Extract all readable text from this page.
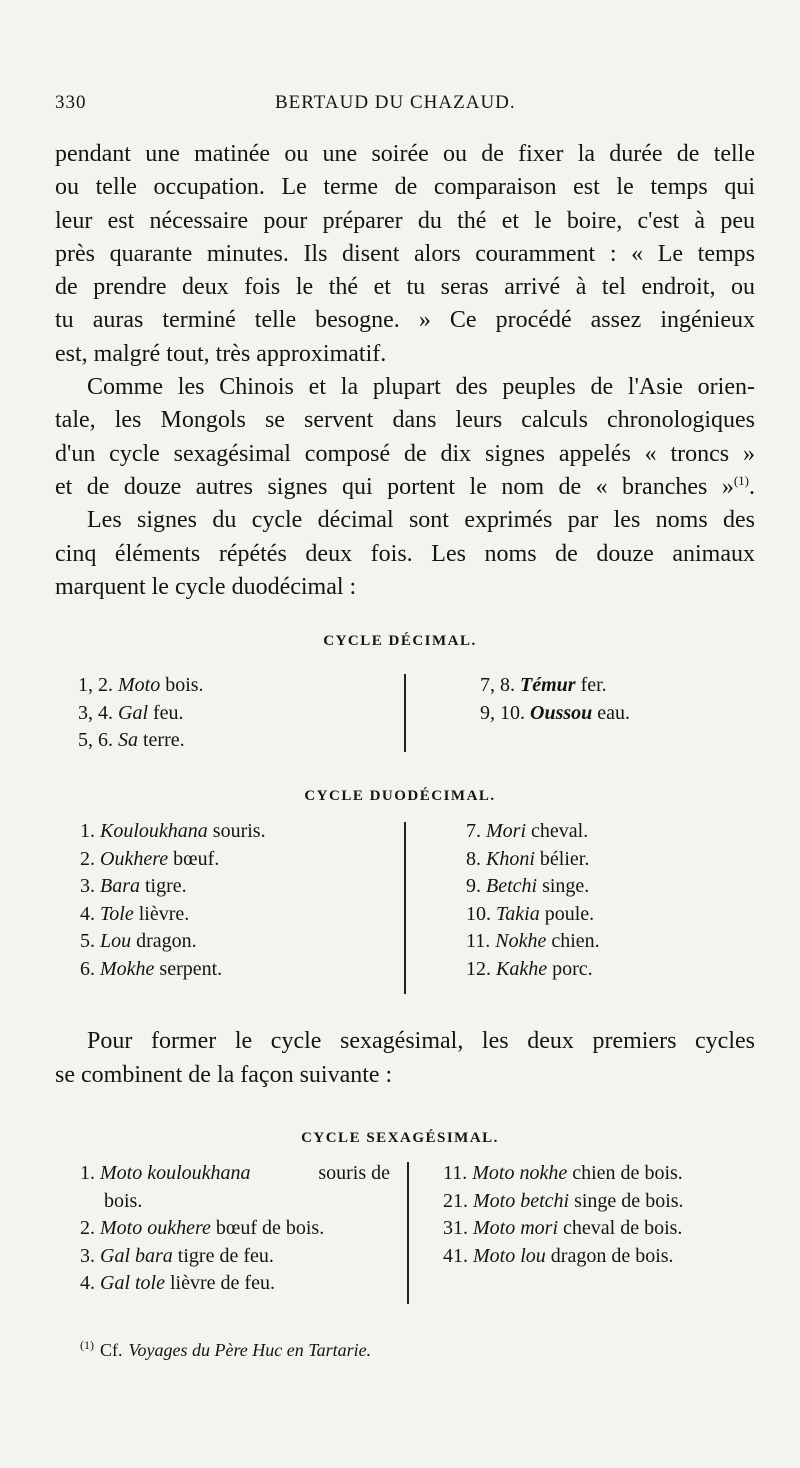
330	BERTAUD DU CHAZAUD.

pendant une matinée ou une soirée ou de fixer la durée de telle
ou telle occupation. Le terme de comparaison est le temps qui
leur est nécessaire pour préparer du thé et le boire, c'est à peu
près quarante minutes. Ils disent alors couramment : « Le temps
de prendre deux fois le thé et tu seras arrivé à tel endroit, ou
tu auras terminé telle besogne. » Ce procédé assez ingénieux
est, malgré tout, très approximatif.

Comme les Chinois et la plupart des peuples de l'Asie orien-
tale, les Mongols se servent dans leurs calculs chronologiques
d'un cycle sexagésimal composé de dix signes appelés « troncs »
et de douze autres signes qui portent le nom de « branches »$^{(1)}$.

Les signes du cycle décimal sont exprimés par les noms des
cinq éléments répétés deux fois. Les noms de douze animaux
marquent le cycle duodécimal :

CYCLE DÉCIMAL.
1, 2. Moto bois.
3, 4. Gal feu.
5, 6. Sa terre.
7, 8. Témur fer.
9, 10. Oussou eau.
CYCLE DUODÉCIMAL.
1. Kouloukhana souris.
2. Oukhere bœuf.
3. Bara tigre.
4. Tole lièvre.
5. Lou dragon.
6. Mokhe serpent.
7. Mori cheval.
8. Khoni bélier.
9. Betchi singe.
10. Takia poule.
11. Nokhe chien.
12. Kakhe porc.
Pour former le cycle sexagésimal, les deux premiers cycles
se combinent de la façon suivante :
CYCLE SEXAGÉSIMAL.
1. Moto kouloukhana	souris de
bois.
2. Moto oukhere bœuf de bois.
3. Gal bara tigre de feu.
4. Gal tole lièvre de feu.
11. Moto nokhe chien de bois.
21. Moto betchi singe de bois.
31. Moto mori cheval de bois.
41. Moto lou dragon de bois.
$^{(1)}$ Cf. Voyages du Père Huc en Tartarie.
